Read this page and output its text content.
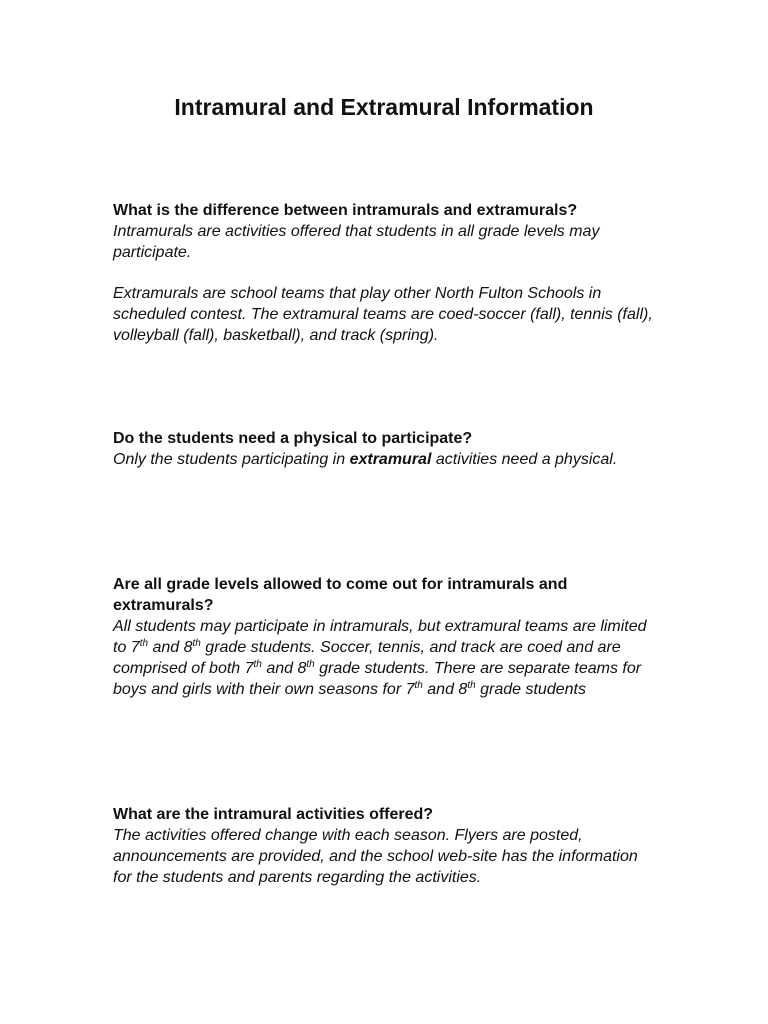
Intramural and Extramural Information

What is the difference between intramurals and extramurals?

Intramurals are activities offered that students in all grade levels may participate.

Extramurals are school teams that play other North Fulton Schools in scheduled contest. The extramural teams are coed-soccer (fall), tennis (fall), volleyball (fall), basketball), and track (spring).

Do the students need a physical to participate?

Only the students participating in extramural activities need a physical.

Are all grade levels allowed to come out for intramurals and extramurals?

All students may participate in intramurals, but extramural teams are limited to 7th and 8th grade students. Soccer, tennis, and track are coed and are comprised of both 7th and 8th grade students. There are separate teams for boys and girls with their own seasons for 7th and 8th grade students

What are the intramural activities offered?

The activities offered change with each season. Flyers are posted, announcements are provided, and the school web-site has the information for the students and parents regarding the activities.
